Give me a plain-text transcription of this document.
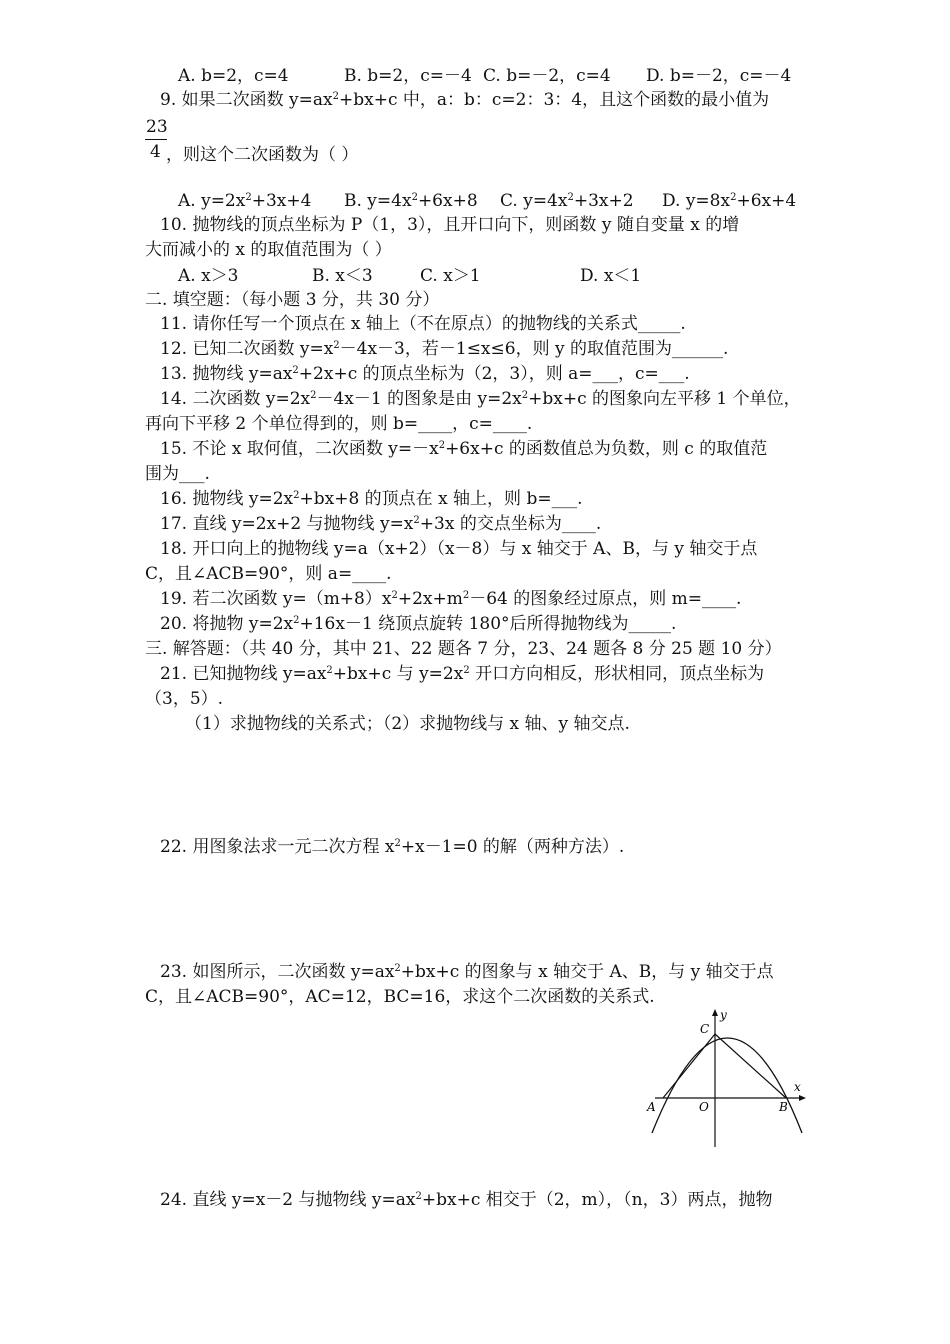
A. b=2，c=4	B. b=2，c=－4 C. b=－2，c=4 D. b=－2，c=－4
9. 如果二次函数 $y=ax^2+bx+c$ 中，a：b：c=2：3：4，且这个函数的最小值为
23
4 ，则这个二次函数为（ ）
A. $y=2x^2+3x+4$ B. $y=4x^2+6x+8$ C. $y=4x^2+3x+2$ D. $y=8x^2+6x+4$
10. 抛物线的顶点坐标为 P（1，3），且开口向下，则函数 y 随自变量 x 的增
大而减小的 x 的取值范围为（ ）
A. x＞3	B. x＜3	C. x＞1	D. x＜1
二. 填空题：（每小题 3 分，共 30 分）
11. 请你任写一个顶点在 x 轴上（不在原点）的抛物线的关系式_____.
12. 已知二次函数 $y=x^2-4x-3$，若－1≤x≤6，则 y 的取值范围为______.
13. 抛物线 $y=ax^2+2x+c$ 的顶点坐标为（2，3），则 a=___，c=___.
14. 二次函数 $y=2x^2-4x-1$ 的图象是由 $y=2x^2+bx+c$ 的图象向左平移 1 个单位，
再向下平移 2 个单位得到的，则 b=____，c=____.
15. 不论 x 取何值，二次函数 $y=-x^2+6x+c$ 的函数值总为负数，则 c 的取值范
围为___.
16. 抛物线 $y=2x^2+bx+8$ 的顶点在 x 轴上，则 b=___.
17. 直线 y=2x+2 与抛物线 $y=x^2+3x$ 的交点坐标为____.
18. 开口向上的抛物线 y=a（x+2）（x－8）与 x 轴交于 A、B，与 y 轴交于点
C，且∠ACB=90°，则 a=____.
19. 若二次函数 $y=(m+8)x^2+2x+m^2-64$ 的图象经过原点，则 m=____.
20. 将抛物 $y=2x^2+16x-1$ 绕顶点旋转 180°后所得抛物线为_____.
三. 解答题：（共 40 分，其中 21、22 题各 7 分，23、24 题各 8 分 25 题 10 分）
21. 已知抛物线 $y=ax^2+bx+c$ 与 $y=2x^2$ 开口方向相反，形状相同，顶点坐标为
（3，5）.
（1）求抛物线的关系式；（2）求抛物线与 x 轴、y 轴交点.
22. 用图象法求一元二次方程 $x^2+x-1=0$ 的解（两种方法）.
23. 如图所示，二次函数 $y=ax^2+bx+c$ 的图象与 x 轴交于 A、B，与 y 轴交于点
C，且∠ACB=90°，AC=12，BC=16，求这个二次函数的关系式.
y
x
C
A	O	B
24. 直线 y=x－2 与抛物线 $y=ax^2+bx+c$ 相交于（2，m），（n，3）两点，抛物
